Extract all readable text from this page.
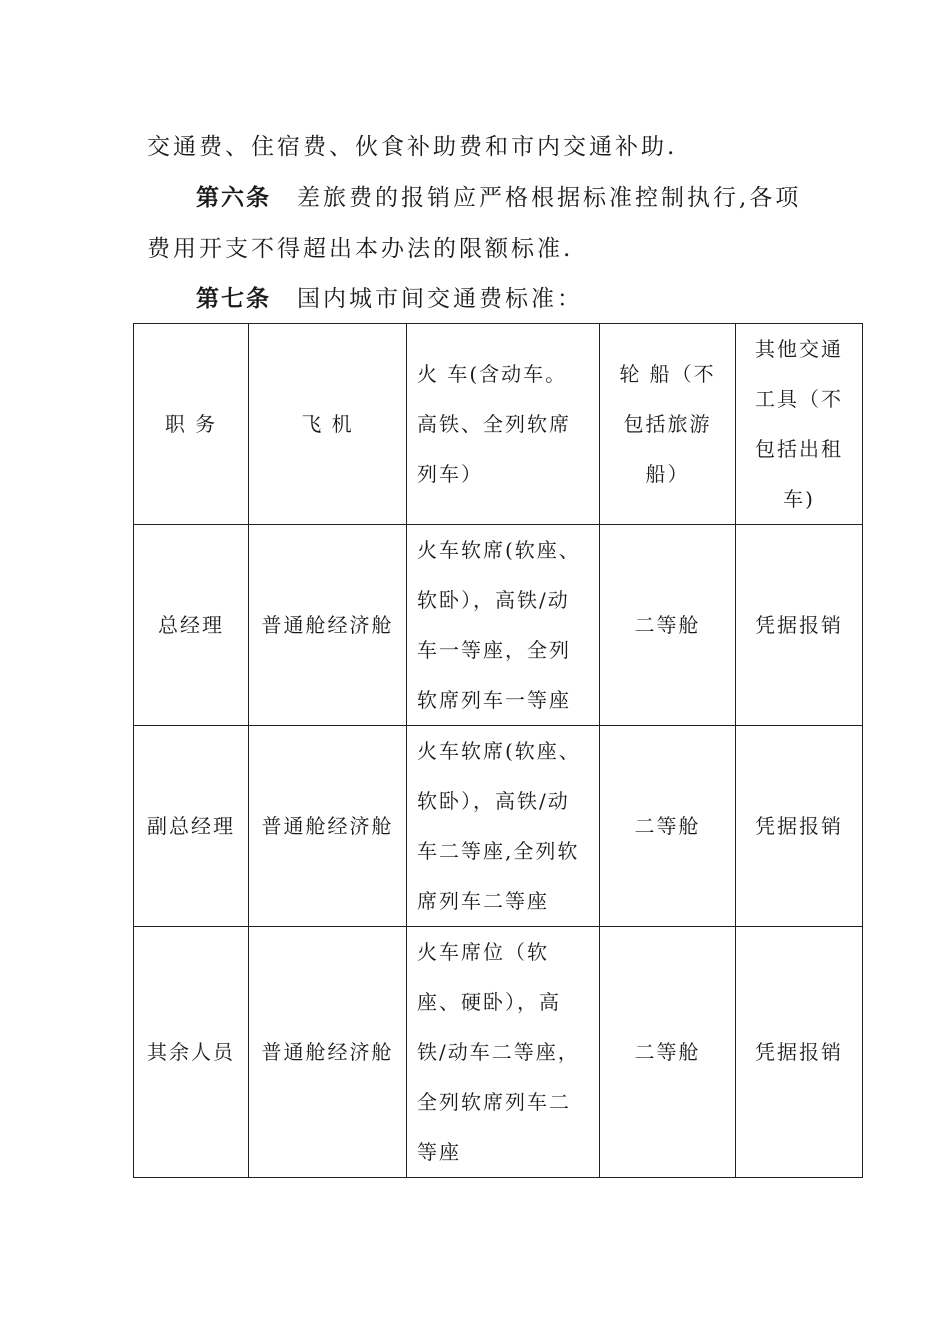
交通费、住宿费、伙食补助费和市内交通补助.
第六条 差旅费的报销应严格根据标准控制执行,各项
费用开支不得超出本办法的限额标准.
第七条 国内城市间交通费标准：
职 务	飞 机	火 车(含动车。高铁、全列软席列车）	轮 船（不包括旅游船）	其他交通工具（不包括出租车)
总经理	普通舱经济舱	火车软席(软座、软卧），高铁/动车一等座，全列软席列车一等座	二等舱	凭据报销
副总经理	普通舱经济舱	火车软席(软座、软卧），高铁/动车二等座,全列软席列车二等座	二等舱	凭据报销
其余人员	普通舱经济舱	火车席位（软座、硬卧），高铁/动车二等座，全列软席列车二等座	二等舱	凭据报销
